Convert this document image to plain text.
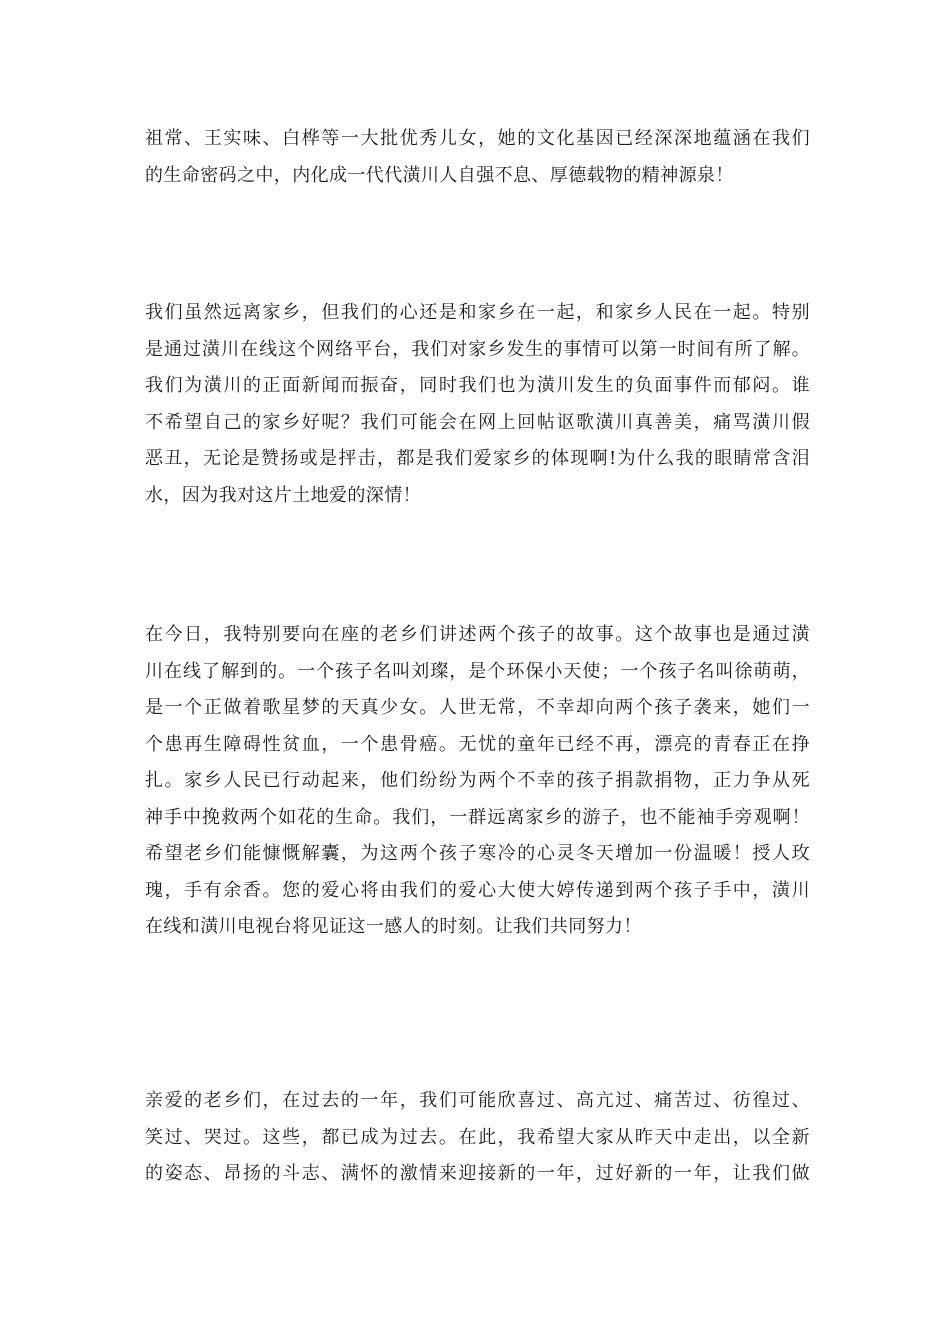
祖常、王实味、白桦等一大批优秀儿女，她的文化基因已经深深地蕴涵在我们
的生命密码之中，内化成一代代潢川人自强不息、厚德载物的精神源泉！
我们虽然远离家乡，但我们的心还是和家乡在一起，和家乡人民在一起。特别
是通过潢川在线这个网络平台，我们对家乡发生的事情可以第一时间有所了解。
我们为潢川的正面新闻而振奋，同时我们也为潢川发生的负面事件而郁闷。谁
不希望自己的家乡好呢？我们可能会在网上回帖讴歌潢川真善美，痛骂潢川假
恶丑，无论是赞扬或是抨击，都是我们爱家乡的体现啊!为什么我的眼睛常含泪
水，因为我对这片土地爱的深情！
在今日，我特别要向在座的老乡们讲述两个孩子的故事。这个故事也是通过潢
川在线了解到的。一个孩子名叫刘璨，是个环保小天使；一个孩子名叫徐萌萌，
是一个正做着歌星梦的天真少女。人世无常，不幸却向两个孩子袭来，她们一
个患再生障碍性贫血，一个患骨癌。无忧的童年已经不再，漂亮的青春正在挣
扎。家乡人民已行动起来，他们纷纷为两个不幸的孩子捐款捐物，正力争从死
神手中挽救两个如花的生命。我们，一群远离家乡的游子，也不能袖手旁观啊！
希望老乡们能慷慨解囊，为这两个孩子寒冷的心灵冬天增加一份温暖！授人玫
瑰，手有余香。您的爱心将由我们的爱心大使大婷传递到两个孩子手中，潢川
在线和潢川电视台将见证这一感人的时刻。让我们共同努力！
亲爱的老乡们，在过去的一年，我们可能欣喜过、高亢过、痛苦过、彷徨过、
笑过、哭过。这些，都已成为过去。在此，我希望大家从昨天中走出，以全新
的姿态、昂扬的斗志、满怀的激情来迎接新的一年，过好新的一年，让我们做
